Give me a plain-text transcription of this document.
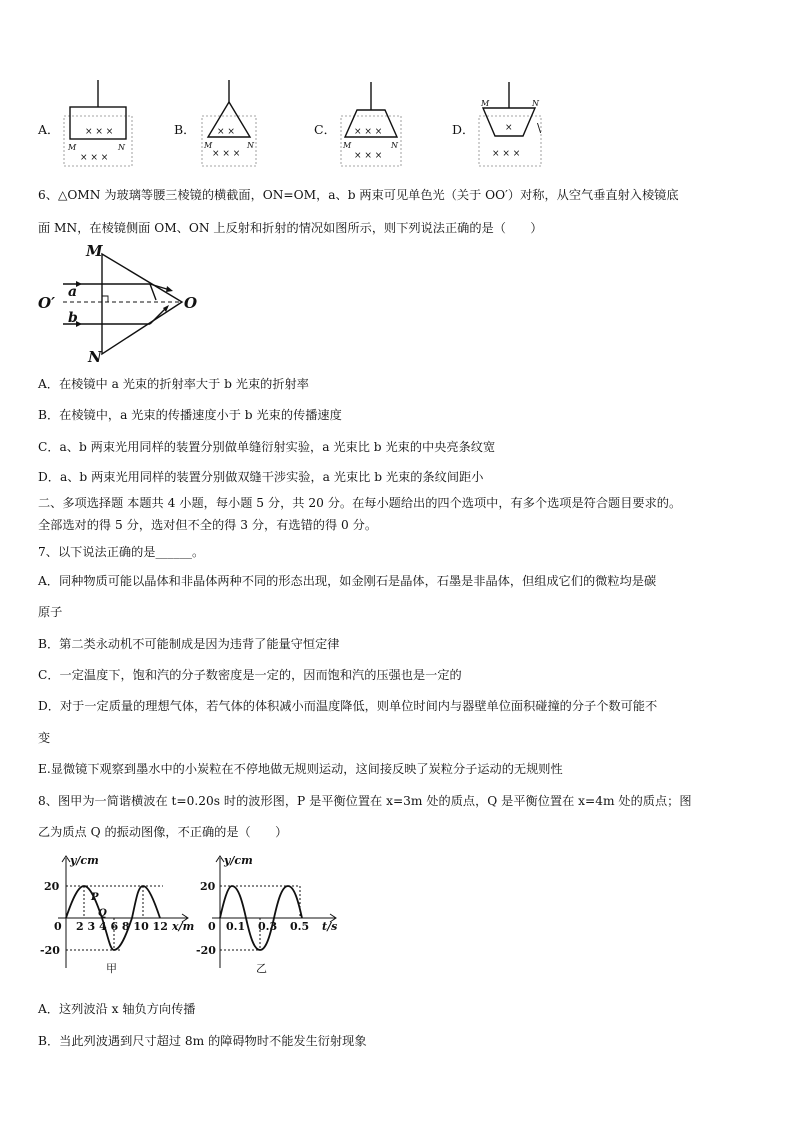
A．	B．	C．	D．
× × ×
× × ×
× ×
× × ×
× × ×
× × ×
×
× × ×
M	N	M	N	M	N
M	N
\
6、△OMN 为玻璃等腰三棱镜的横截面，ON=OM，a、b 两束可见单色光（关于 OO′）对称，从空气垂直射入棱镜底
面 MN，在棱镜侧面 OM、ON 上反射和折射的情况如图所示，则下列说法正确的是（　　）
M
N
O
O′
a
b
A．在棱镜中 a 光束的折射率大于 b 光束的折射率
B．在棱镜中，a 光束的传播速度小于 b 光束的传播速度
C．a、b 两束光用同样的装置分别做单缝衍射实验，a 光束比 b 光束的中央亮条纹宽
D．a、b 两束光用同样的装置分别做双缝干涉实验，a 光束比 b 光束的条纹间距小
二、多项选择题 本题共 4 小题，每小题 5 分，共 20 分。在每小题给出的四个选项中，有多个选项是符合题目要求的。
全部选对的得 5 分，选对但不全的得 3 分，有选错的得 0 分。
7、以下说法正确的是______。
A．同种物质可能以晶体和非晶体两种不同的形态出现，如金刚石是晶体，石墨是非晶体，但组成它们的微粒均是碳
原子
B．第二类永动机不可能制成是因为违背了能量守恒定律
C．一定温度下，饱和汽的分子数密度是一定的，因而饱和汽的压强也是一定的
D．对于一定质量的理想气体，若气体的体积减小而温度降低，则单位时间内与器壁单位面积碰撞的分子个数可能不
变
E.显微镜下观察到墨水中的小炭粒在不停地做无规则运动，这间接反映了炭粒分子运动的无规则性
8、图甲为一简谐横波在 t=0.20s 时的波形图，P 是平衡位置在 x=3m 处的质点，Q 是平衡位置在 x=4m 处的质点；图
乙为质点 Q 的振动图像，不正确的是（　　）
y/cm
20
-20
0 2 3 4 6 8 10 12 x/m
P
Q
甲
y/cm
20
-20
0 0.1 0.3 0.5 t/s
乙
A．这列波沿 x 轴负方向传播
B．当此列波遇到尺寸超过 8m 的障碍物时不能发生衍射现象
